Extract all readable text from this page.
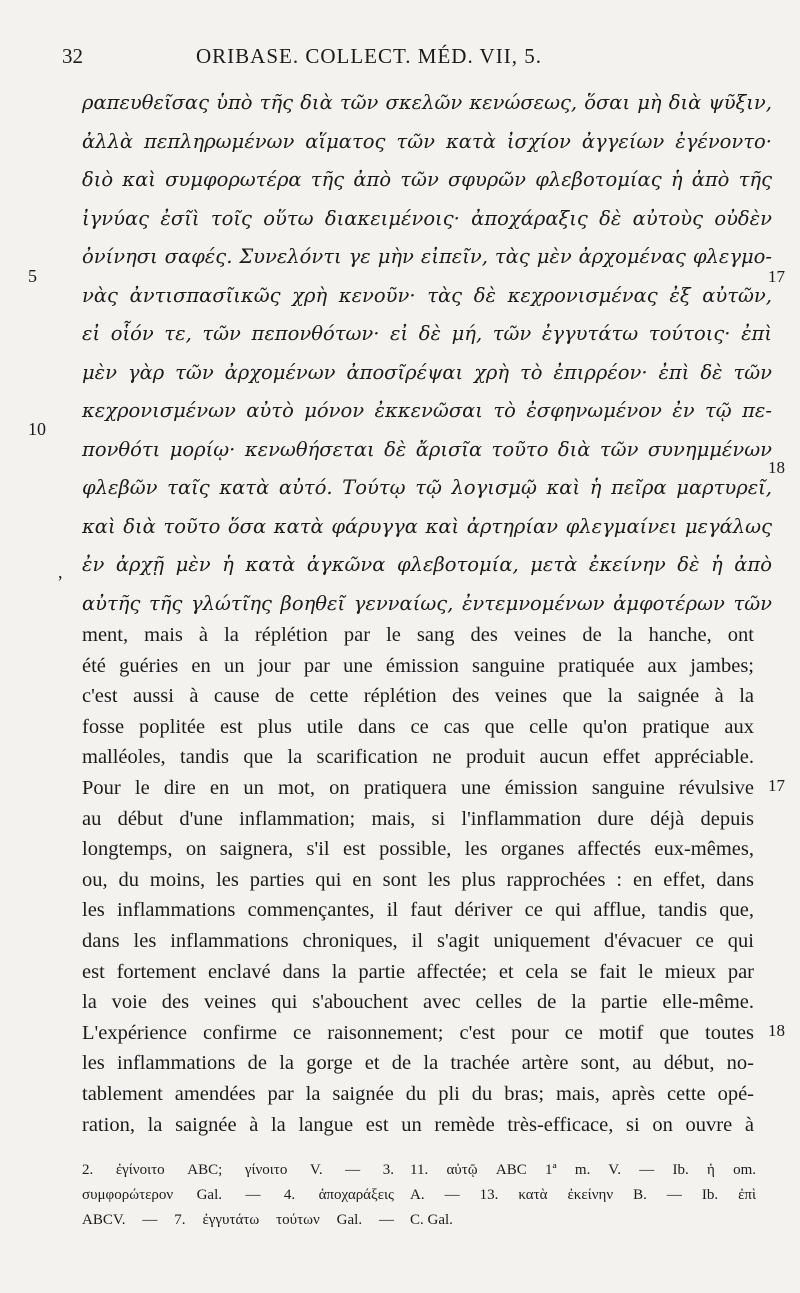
32	ORIBASE. COLLECT. MÉD. VII, 5.
5	17
10
18
,
ραπευθεῖσας ὑπὸ τῆς διὰ τῶν σκελῶν κενώσεως, ὅσαι μὴ διὰ ψῦξιν,
ἀλλὰ πεπληρωμένων αἵματος τῶν κατὰ ἰσχίον ἀγγείων ἐγένοντο·
διὸ καὶ συμφορωτέρα τῆς ἀπὸ τῶν σφυρῶν φλεβοτομίας ἡ ἀπὸ τῆς
ἰγνύας ἐσῖὶ τοῖς οὕτω διακειμένοις· ἀποχάραξις δὲ αὐτοὺς οὐδὲν
ὀνίνησι σαφές. Συνελόντι γε μὴν εἰπεῖν, τὰς μὲν ἀρχομένας φλεγμο-
νὰς ἀντισπασῖικῶς χρὴ κενοῦν· τὰς δὲ κεχρονισμένας ἐξ αὐτῶν,
εἰ οἷόν τε, τῶν πεπονθότων· εἰ δὲ μή, τῶν ἐγγυτάτω τούτοις· ἐπὶ
μὲν γὰρ τῶν ἀρχομένων ἀποσῖρέψαι χρὴ τὸ ἐπιρρέον· ἐπὶ δὲ τῶν
κεχρονισμένων αὐτὸ μόνον ἐκκενῶσαι τὸ ἐσφηνωμένον ἐν τῷ πε-
πονθότι μορίῳ· κενωθήσεται δὲ ἄρισῖα τοῦτο διὰ τῶν συνημμένων
φλεβῶν ταῖς κατὰ αὐτό. Τούτῳ τῷ λογισμῷ καὶ ἡ πεῖρα μαρτυρεῖ,
καὶ διὰ τοῦτο ὅσα κατὰ φάρυγγα καὶ ἀρτηρίαν φλεγμαίνει μεγάλως
ἐν ἀρχῇ μὲν ἡ κατὰ ἀγκῶνα φλεβοτομία, μετὰ ἐκείνην δὲ ἡ ἀπὸ
αὐτῆς τῆς γλώτῖης βοηθεῖ γενναίως, ἐντεμνομένων ἀμφοτέρων τῶν
17
18
ment, mais à la réplétion par le sang des veines de la hanche, ont
été guéries en un jour par une émission sanguine pratiquée aux jambes;
c'est aussi à cause de cette réplétion des veines que la saignée à la
fosse poplitée est plus utile dans ce cas que celle qu'on pratique aux
malléoles, tandis que la scarification ne produit aucun effet appréciable.
Pour le dire en un mot, on pratiquera une émission sanguine révulsive
au début d'une inflammation; mais, si l'inflammation dure déjà depuis
longtemps, on saignera, s'il est possible, les organes affectés eux-mêmes,
ou, du moins, les parties qui en sont les plus rapprochées : en effet, dans
les inflammations commençantes, il faut dériver ce qui afflue, tandis que,
dans les inflammations chroniques, il s'agit uniquement d'évacuer ce qui
est fortement enclavé dans la partie affectée; et cela se fait le mieux par
la voie des veines qui s'abouchent avec celles de la partie elle-même.
L'expérience confirme ce raisonnement; c'est pour ce motif que toutes
les inflammations de la gorge et de la trachée artère sont, au début, no-
tablement amendées par la saignée du pli du bras; mais, après cette opé-
ration, la saignée à la langue est un remède très-efficace, si on ouvre à
2. ἐγίνοιτο ABC; γίνοιτο V. — 3.
συμφορώτερον Gal. — 4. ἀποχαράξεις
ABCV. — 7. ἐγγυτάτω τούτων Gal. —
11. αὐτῷ ABC 1ª m. V. — Ib. ἡ om.
A. — 13. κατὰ ἐκείνην B. — Ib. ἐπὶ
C. Gal.
